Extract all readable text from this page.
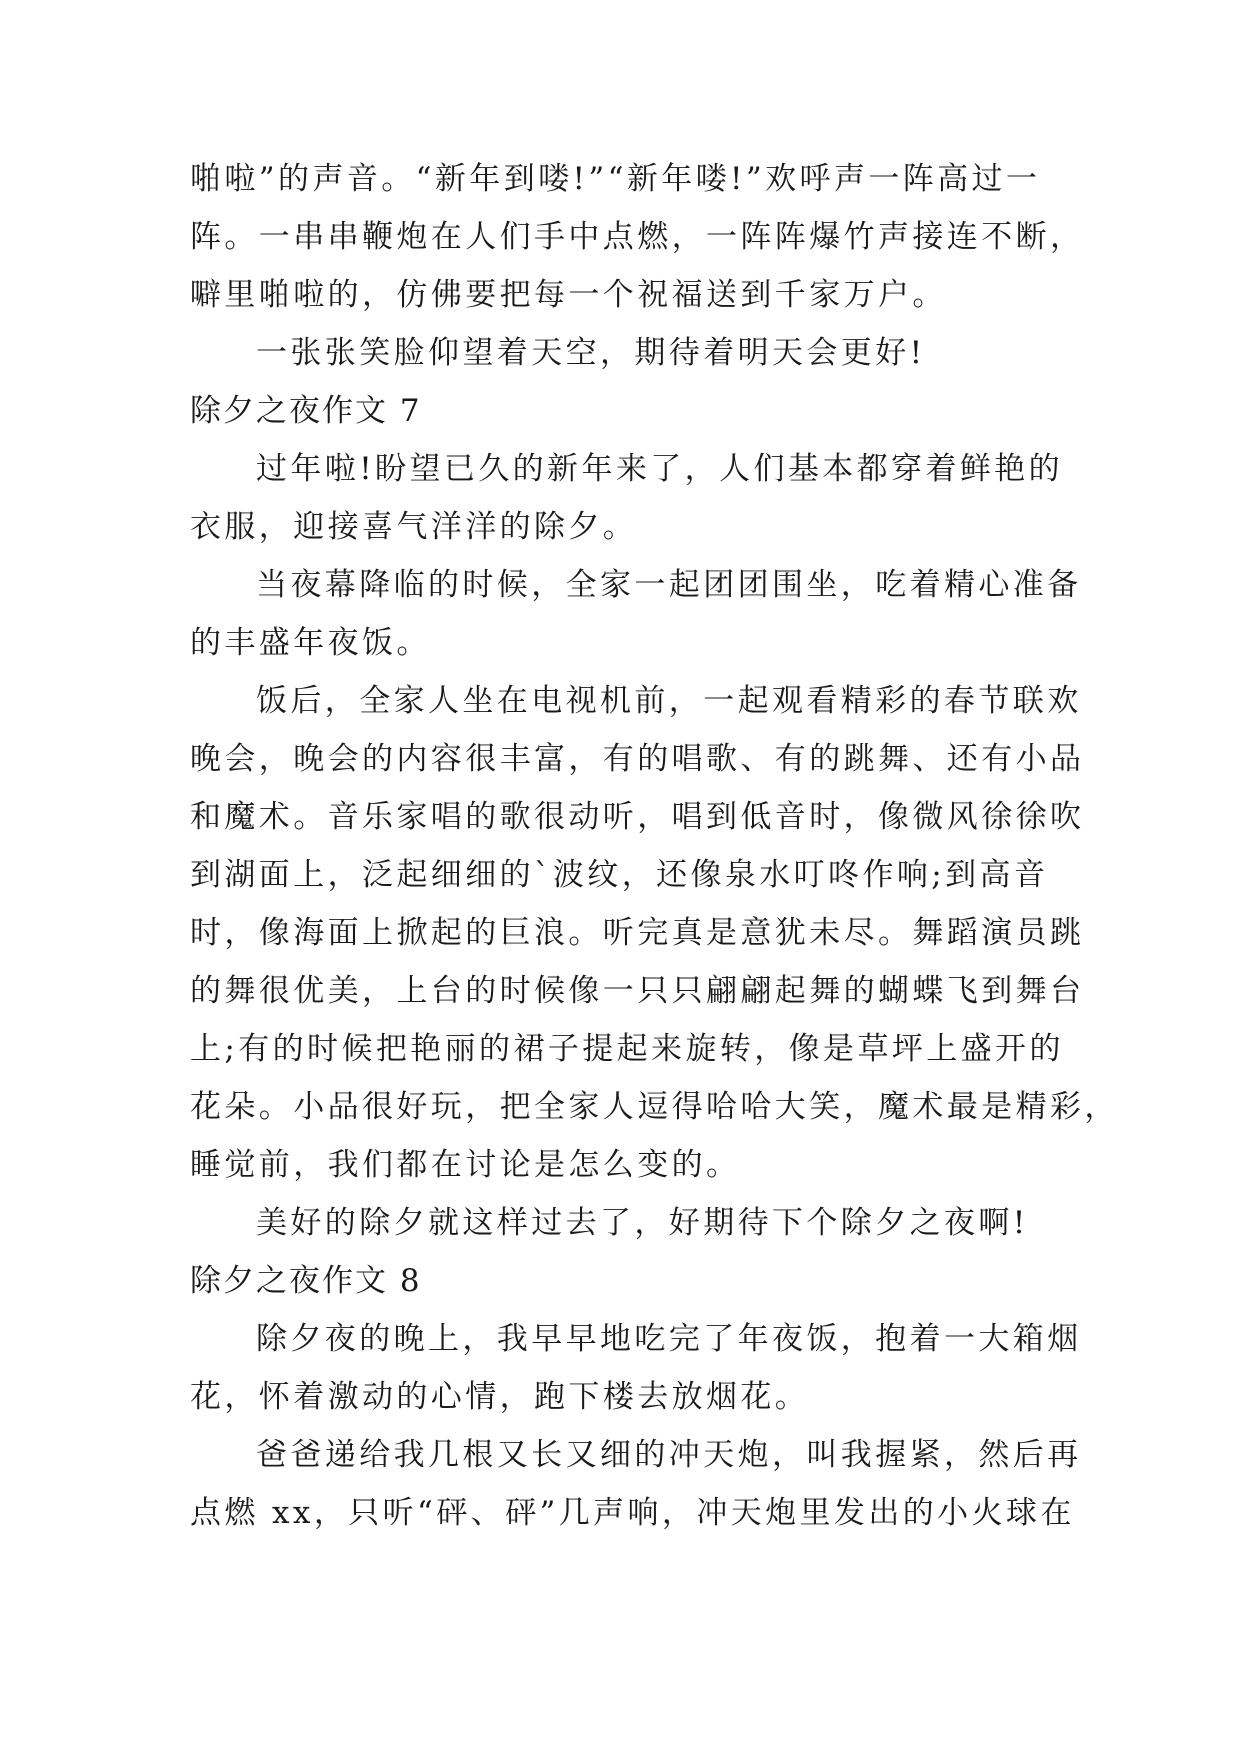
啪啦”的声音。“新年到喽!”“新年喽!”欢呼声一阵高过一
阵。一串串鞭炮在人们手中点燃，一阵阵爆竹声接连不断，
噼里啪啦的，仿佛要把每一个祝福送到千家万户。
一张张笑脸仰望着天空，期待着明天会更好!
除夕之夜作文 7
过年啦!盼望已久的新年来了，人们基本都穿着鲜艳的
衣服，迎接喜气洋洋的除夕。
当夜幕降临的时候，全家一起团团围坐，吃着精心准备
的丰盛年夜饭。
饭后，全家人坐在电视机前，一起观看精彩的春节联欢
晚会，晚会的内容很丰富，有的唱歌、有的跳舞、还有小品
和魔术。音乐家唱的歌很动听，唱到低音时，像微风徐徐吹
到湖面上，泛起细细的`波纹，还像泉水叮咚作响;到高音
时，像海面上掀起的巨浪。听完真是意犹未尽。舞蹈演员跳
的舞很优美，上台的时候像一只只翩翩起舞的蝴蝶飞到舞台
上;有的时候把艳丽的裙子提起来旋转，像是草坪上盛开的
花朵。小品很好玩，把全家人逗得哈哈大笑，魔术最是精彩，
睡觉前，我们都在讨论是怎么变的。
美好的除夕就这样过去了，好期待下个除夕之夜啊!
除夕之夜作文 8
除夕夜的晚上，我早早地吃完了年夜饭，抱着一大箱烟
花，怀着激动的心情，跑下楼去放烟花。
爸爸递给我几根又长又细的冲天炮，叫我握紧，然后再
点燃 xx，只听“砰、砰”几声响，冲天炮里发出的小火球在
